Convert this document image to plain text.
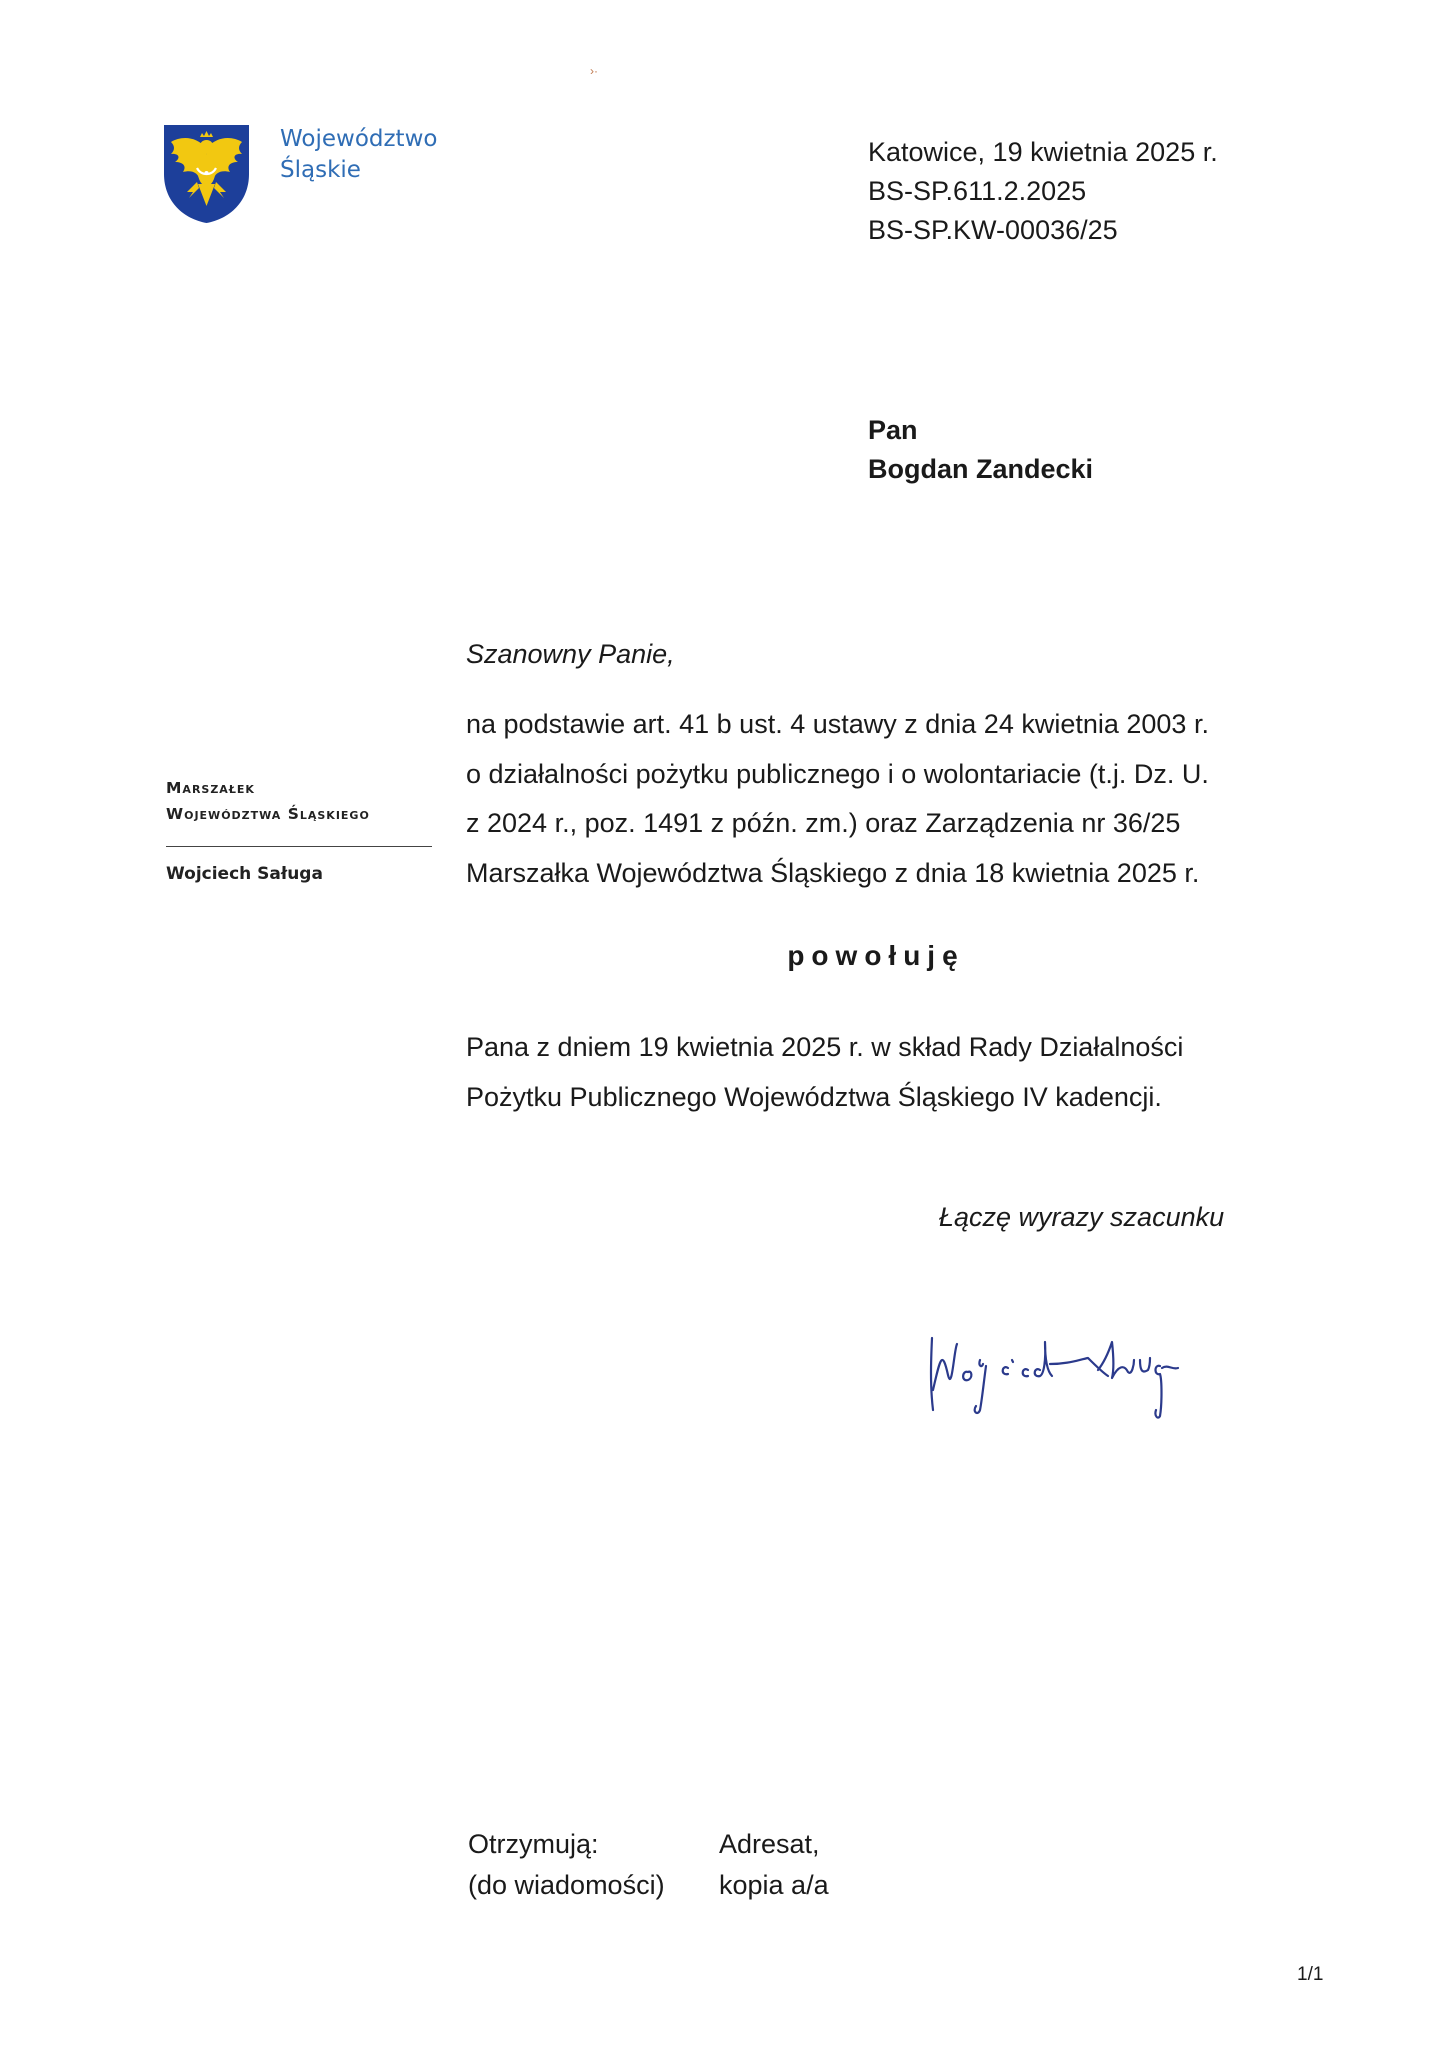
›·
Województwo
Śląskie
Katowice, 19 kwietnia 2025 r.
BS-SP.611.2.2025
BS-SP.KW-00036/25
Pan
Bogdan Zandecki
Szanowny Panie,
na podstawie art. 41 b ust. 4 ustawy z dnia 24 kwietnia 2003 r.
o działalności pożytku publicznego i o wolontariacie (t.j. Dz. U.
z 2024 r., poz. 1491 z późn. zm.) oraz Zarządzenia nr 36/25
Marszałka Województwa Śląskiego z dnia 18 kwietnia 2025 r.
powołuję
Pana z dniem 19 kwietnia 2025 r. w skład Rady Działalności
Pożytku Publicznego Województwa Śląskiego IV kadencji.
Łączę wyrazy szacunku
Marszałek
Województwa Śląskiego
Wojciech Saługa
Otrzymują:
(do wiadomości)
Adresat,
kopia a/a
1/1
